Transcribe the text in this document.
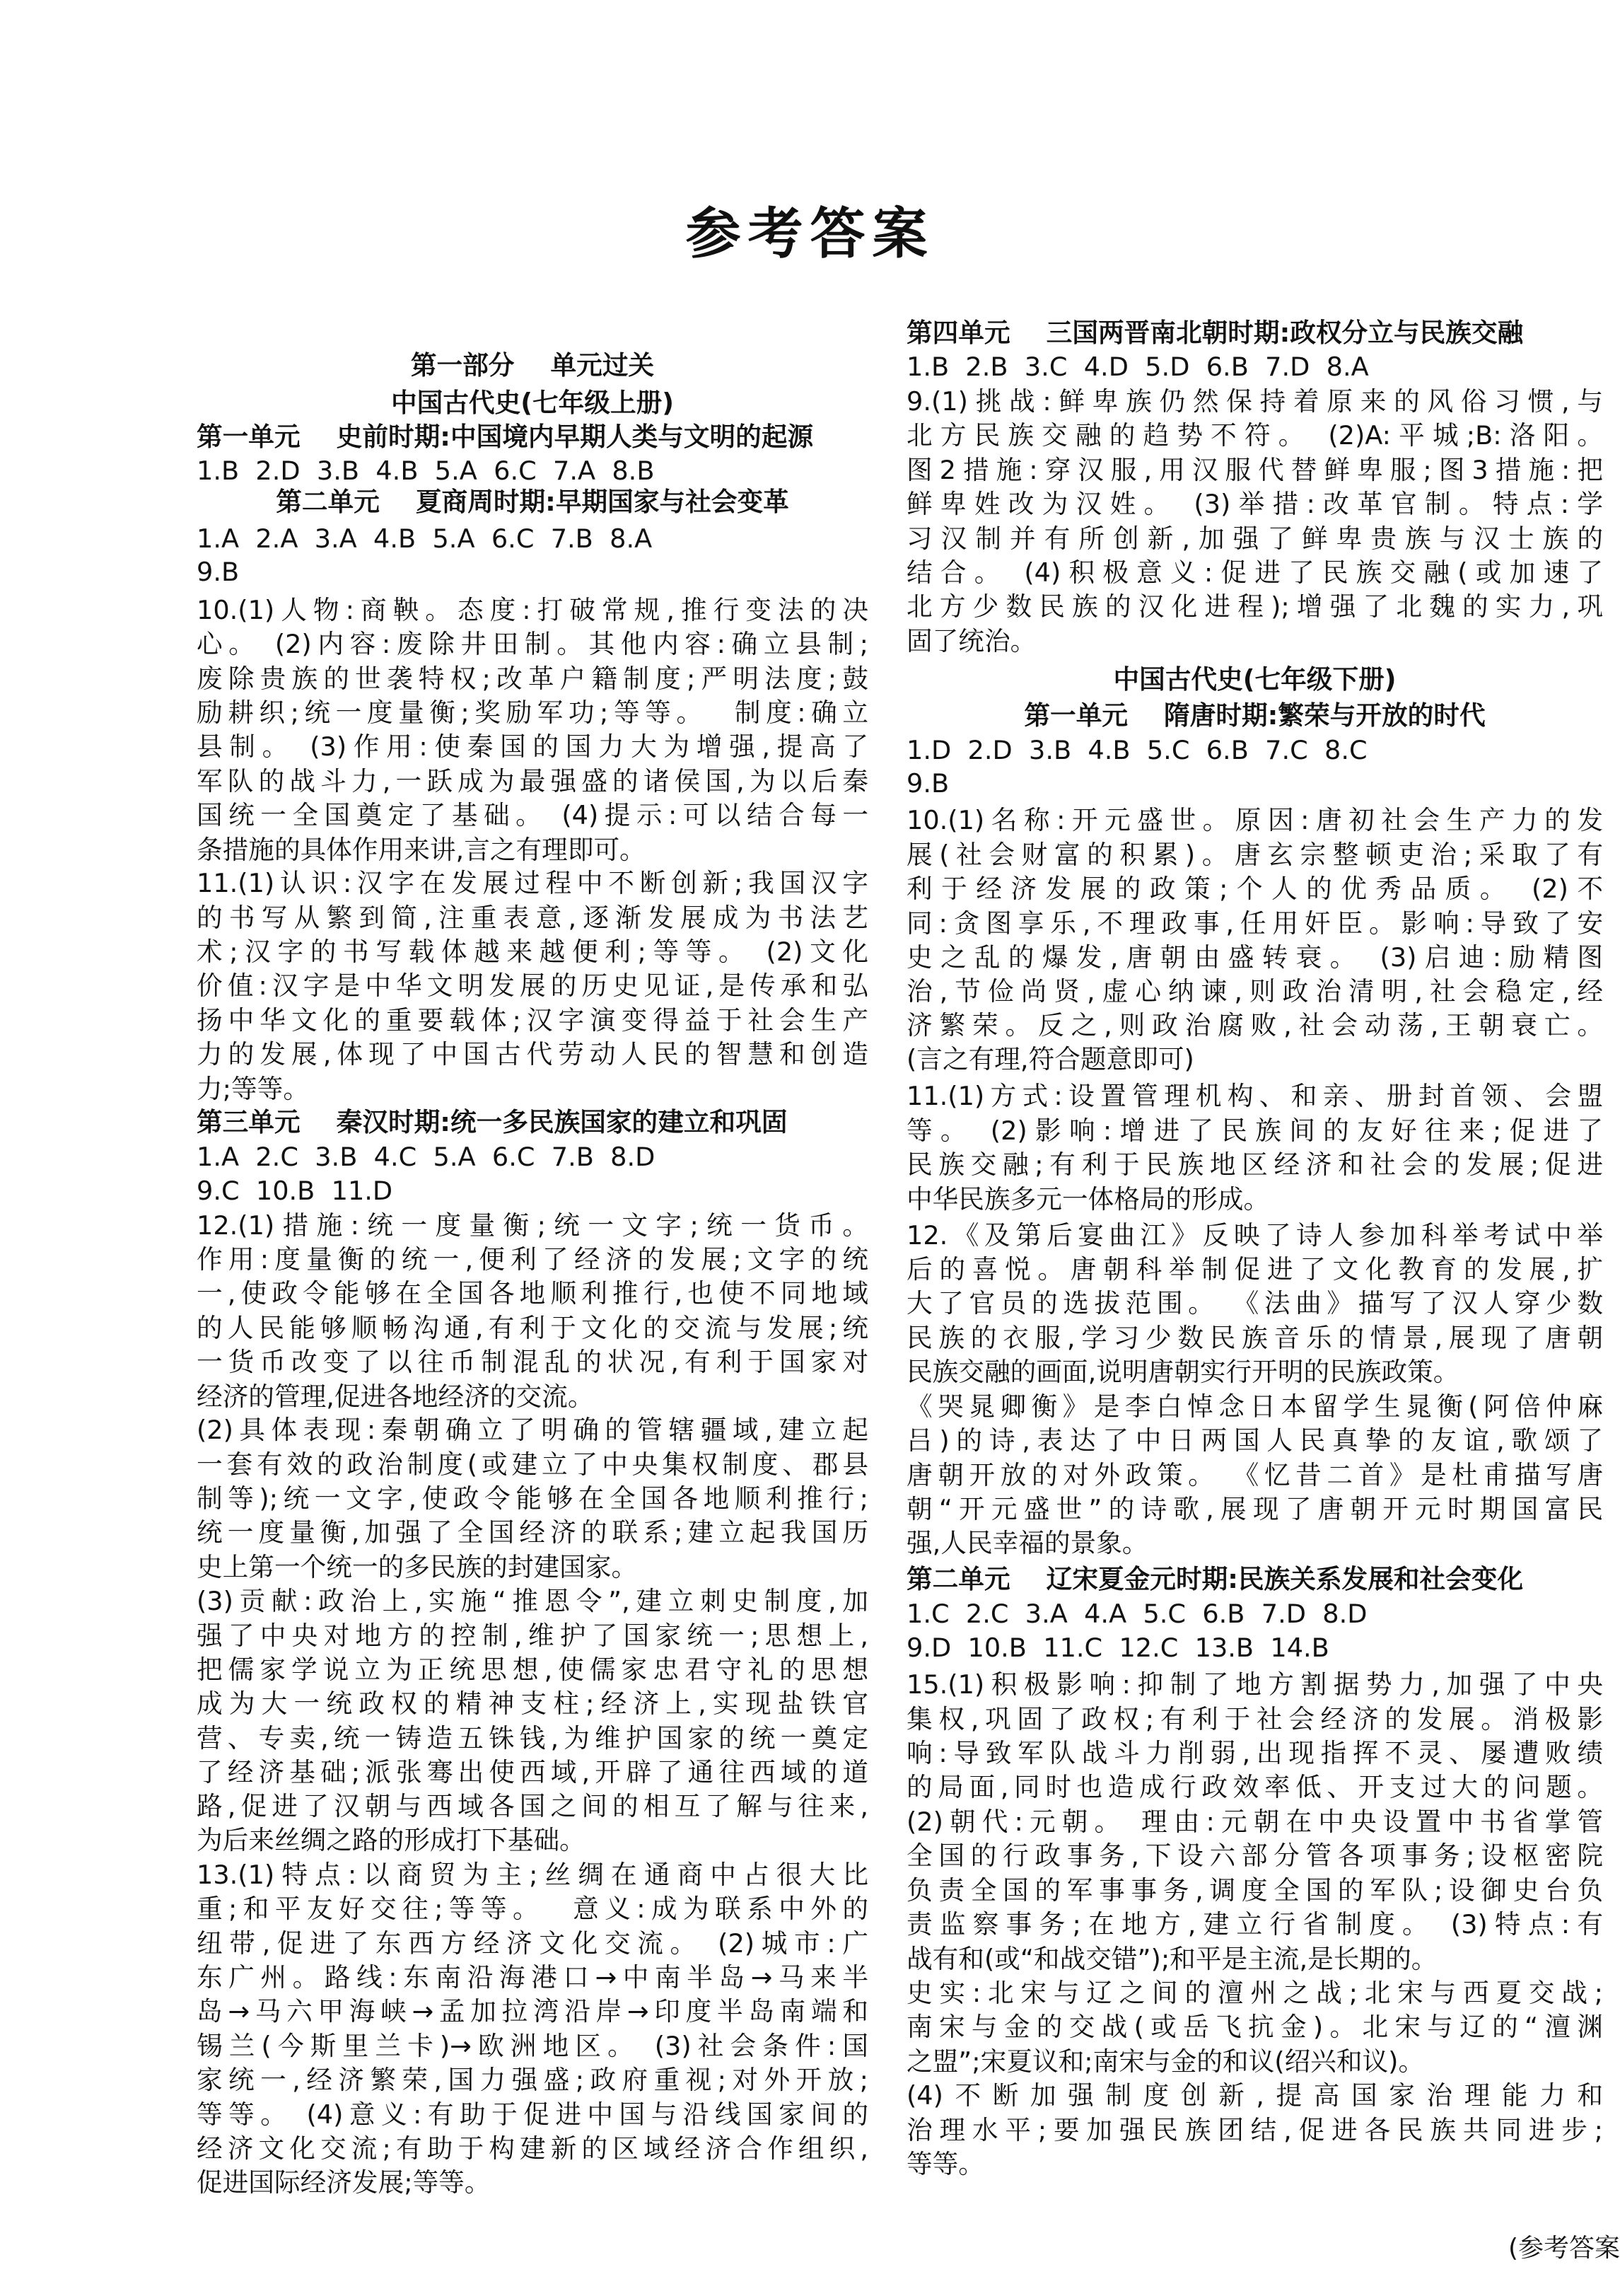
参考答案
第一部分    单元过关
中国古代史(七年级上册)
第一单元    史前时期:中国境内早期人类与文明的起源
1.B  2.D  3.B  4.B  5.A  6.C  7.A  8.B
第二单元    夏商周时期:早期国家与社会变革
1.A  2.A  3.A  4.B  5.A  6.C  7.B  8.A
9.B
10.(1)人物:商鞅。态度:打破常规,推行变法的决
心。 (2)内容:废除井田制。其他内容:确立县制;
废除贵族的世袭特权;改革户籍制度;严明法度;鼓
励耕织;统一度量衡;奖励军功;等等。  制度:确立
县制。 (3)作用:使秦国的国力大为增强,提高了
军队的战斗力,一跃成为最强盛的诸侯国,为以后秦
国统一全国奠定了基础。 (4)提示:可以结合每一
条措施的具体作用来讲,言之有理即可。
11.(1)认识:汉字在发展过程中不断创新;我国汉字
的书写从繁到简,注重表意,逐渐发展成为书法艺
术;汉字的书写载体越来越便利;等等。 (2)文化
价值:汉字是中华文明发展的历史见证,是传承和弘
扬中华文化的重要载体;汉字演变得益于社会生产
力的发展,体现了中国古代劳动人民的智慧和创造
力;等等。
第三单元    秦汉时期:统一多民族国家的建立和巩固
1.A  2.C  3.B  4.C  5.A  6.C  7.B  8.D
9.C  10.B  11.D
12.(1)措施:统一度量衡;统一文字;统一货币。
作用:度量衡的统一,便利了经济的发展;文字的统
一,使政令能够在全国各地顺利推行,也使不同地域
的人民能够顺畅沟通,有利于文化的交流与发展;统
一货币改变了以往币制混乱的状况,有利于国家对
经济的管理,促进各地经济的交流。
(2)具体表现:秦朝确立了明确的管辖疆域,建立起
一套有效的政治制度(或建立了中央集权制度、郡县
制等);统一文字,使政令能够在全国各地顺利推行;
统一度量衡,加强了全国经济的联系;建立起我国历
史上第一个统一的多民族的封建国家。
(3)贡献:政治上,实施“推恩令”,建立刺史制度,加
强了中央对地方的控制,维护了国家统一;思想上,
把儒家学说立为正统思想,使儒家忠君守礼的思想
成为大一统政权的精神支柱;经济上,实现盐铁官
营、专卖,统一铸造五铢钱,为维护国家的统一奠定
了经济基础;派张骞出使西域,开辟了通往西域的道
路,促进了汉朝与西域各国之间的相互了解与往来,
为后来丝绸之路的形成打下基础。
13.(1)特点:以商贸为主;丝绸在通商中占很大比
重;和平友好交往;等等。  意义:成为联系中外的
纽带,促进了东西方经济文化交流。 (2)城市:广
东广州。路线:东南沿海港口→中南半岛→马来半
岛→马六甲海峡→孟加拉湾沿岸→印度半岛南端和
锡兰(今斯里兰卡)→欧洲地区。 (3)社会条件:国
家统一,经济繁荣,国力强盛;政府重视;对外开放;
等等。 (4)意义:有助于促进中国与沿线国家间的
经济文化交流;有助于构建新的区域经济合作组织,
促进国际经济发展;等等。
第四单元    三国两晋南北朝时期:政权分立与民族交融
1.B  2.B  3.C  4.D  5.D  6.B  7.D  8.A
9.(1)挑战:鲜卑族仍然保持着原来的风俗习惯,与
北方民族交融的趋势不符。 (2)A:平城;B:洛阳。
图2措施:穿汉服,用汉服代替鲜卑服;图3措施:把
鲜卑姓改为汉姓。 (3)举措:改革官制。特点:学
习汉制并有所创新,加强了鲜卑贵族与汉士族的
结合。 (4)积极意义:促进了民族交融(或加速了
北方少数民族的汉化进程);增强了北魏的实力,巩
固了统治。
中国古代史(七年级下册)
第一单元    隋唐时期:繁荣与开放的时代
1.D  2.D  3.B  4.B  5.C  6.B  7.C  8.C
9.B
10.(1)名称:开元盛世。原因:唐初社会生产力的发
展(社会财富的积累)。唐玄宗整顿吏治;采取了有
利于经济发展的政策;个人的优秀品质。 (2)不
同:贪图享乐,不理政事,任用奸臣。影响:导致了安
史之乱的爆发,唐朝由盛转衰。 (3)启迪:励精图
治,节俭尚贤,虚心纳谏,则政治清明,社会稳定,经
济繁荣。反之,则政治腐败,社会动荡,王朝衰亡。
(言之有理,符合题意即可)
11.(1)方式:设置管理机构、和亲、册封首领、会盟
等。 (2)影响:增进了民族间的友好往来;促进了
民族交融;有利于民族地区经济和社会的发展;促进
中华民族多元一体格局的形成。
12.《及第后宴曲江》反映了诗人参加科举考试中举
后的喜悦。唐朝科举制促进了文化教育的发展,扩
大了官员的选拔范围。 《法曲》描写了汉人穿少数
民族的衣服,学习少数民族音乐的情景,展现了唐朝
民族交融的画面,说明唐朝实行开明的民族政策。
《哭晁卿衡》是李白悼念日本留学生晁衡(阿倍仲麻
吕)的诗,表达了中日两国人民真挚的友谊,歌颂了
唐朝开放的对外政策。 《忆昔二首》是杜甫描写唐
朝“开元盛世”的诗歌,展现了唐朝开元时期国富民
强,人民幸福的景象。
第二单元    辽宋夏金元时期:民族关系发展和社会变化
1.C  2.C  3.A  4.A  5.C  6.B  7.D  8.D
9.D  10.B  11.C  12.C  13.B  14.B
15.(1)积极影响:抑制了地方割据势力,加强了中央
集权,巩固了政权;有利于社会经济的发展。消极影
响:导致军队战斗力削弱,出现指挥不灵、屡遭败绩
的局面,同时也造成行政效率低、开支过大的问题。
(2)朝代:元朝。 理由:元朝在中央设置中书省掌管
全国的行政事务,下设六部分管各项事务;设枢密院
负责全国的军事事务,调度全国的军队;设御史台负
责监察事务;在地方,建立行省制度。 (3)特点:有
战有和(或“和战交错”);和平是主流,是长期的。
史实:北宋与辽之间的澶州之战;北宋与西夏交战;
南宋与金的交战(或岳飞抗金)。北宋与辽的“澶渊
之盟”;宋夏议和;南宋与金的和议(绍兴和议)。
(4)不断加强制度创新,提高国家治理能力和
治理水平;要加强民族团结,促进各民族共同进步;
等等。
(参考答案
